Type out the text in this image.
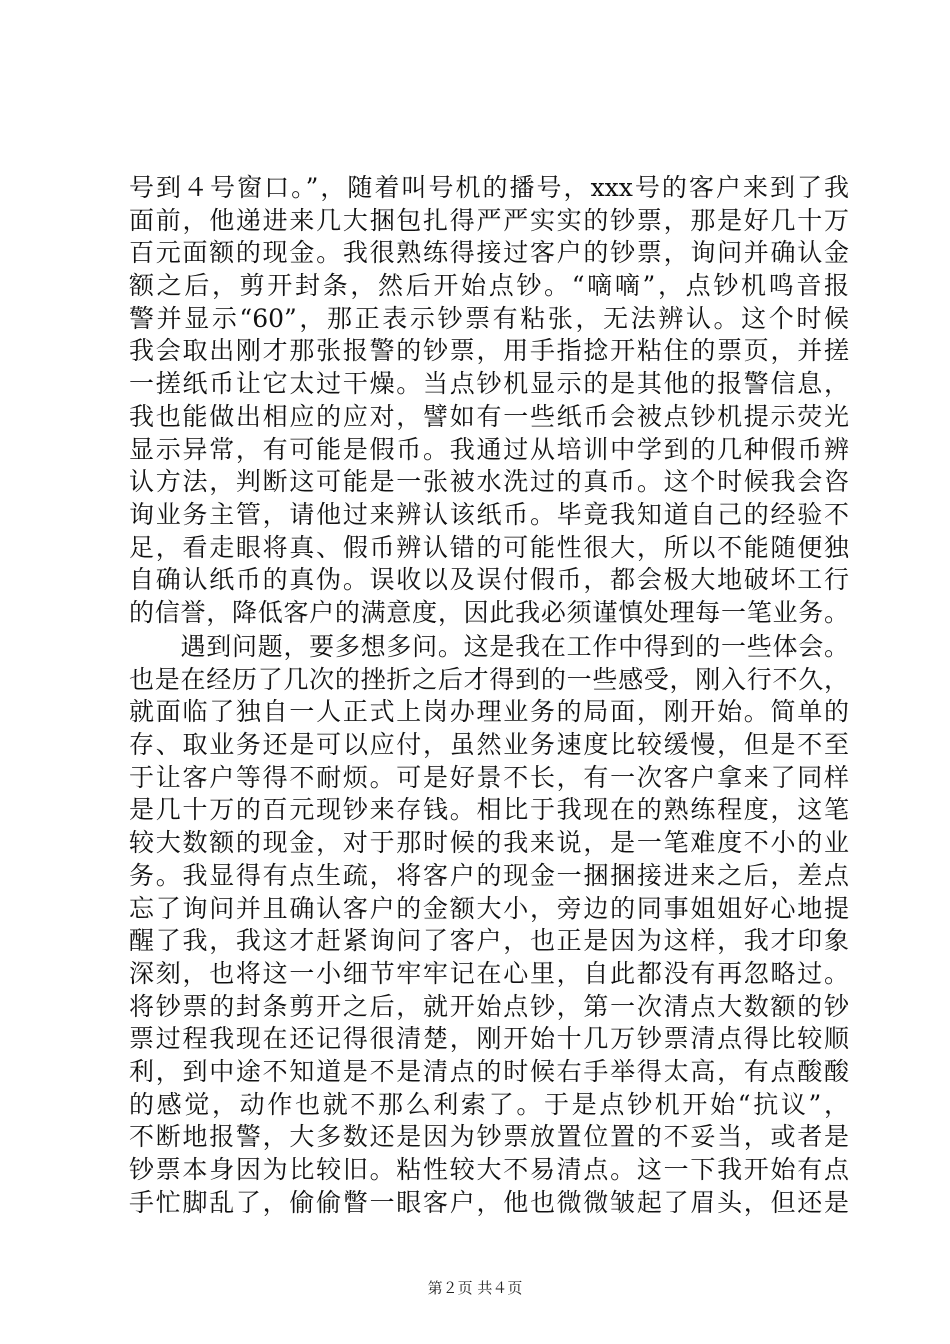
号到４号窗口。”，随着叫号机的播号，xxx号的客户来到了我
面前，他递进来几大捆包扎得严严实实的钞票，那是好几十万
百元面额的现金。我很熟练得接过客户的钞票，询问并确认金
额之后，剪开封条，然后开始点钞。“嘀嘀”，点钞机鸣音报
警并显示“60”，那正表示钞票有粘张，无法辨认。这个时候
我会取出刚才那张报警的钞票，用手指捻开粘住的票页，并搓
一搓纸币让它太过干燥。当点钞机显示的是其他的报警信息，
我也能做出相应的应对，譬如有一些纸币会被点钞机提示荧光
显示异常，有可能是假币。我通过从培训中学到的几种假币辨
认方法，判断这可能是一张被水洗过的真币。这个时候我会咨
询业务主管，请他过来辨认该纸币。毕竟我知道自己的经验不
足，看走眼将真、假币辨认错的可能性很大，所以不能随便独
自确认纸币的真伪。误收以及误付假币，都会极大地破坏工行
的信誉，降低客户的满意度，因此我必须谨慎处理每一笔业务。
　　遇到问题，要多想多问。这是我在工作中得到的一些体会。
也是在经历了几次的挫折之后才得到的一些感受，刚入行不久，
就面临了独自一人正式上岗办理业务的局面，刚开始。简单的
存、取业务还是可以应付，虽然业务速度比较缓慢，但是不至
于让客户等得不耐烦。可是好景不长，有一次客户拿来了同样
是几十万的百元现钞来存钱。相比于我现在的熟练程度，这笔
较大数额的现金，对于那时候的我来说，是一笔难度不小的业
务。我显得有点生疏，将客户的现金一捆捆接进来之后，差点
忘了询问并且确认客户的金额大小，旁边的同事姐姐好心地提
醒了我，我这才赶紧询问了客户，也正是因为这样，我才印象
深刻，也将这一小细节牢牢记在心里，自此都没有再忽略过。
将钞票的封条剪开之后，就开始点钞，第一次清点大数额的钞
票过程我现在还记得很清楚，刚开始十几万钞票清点得比较顺
利，到中途不知道是不是清点的时候右手举得太高，有点酸酸
的感觉，动作也就不那么利索了。于是点钞机开始“抗议”，
不断地报警，大多数还是因为钞票放置位置的不妥当，或者是
钞票本身因为比较旧。粘性较大不易清点。这一下我开始有点
手忙脚乱了，偷偷瞥一眼客户，他也微微皱起了眉头，但还是
第２页 共４页
